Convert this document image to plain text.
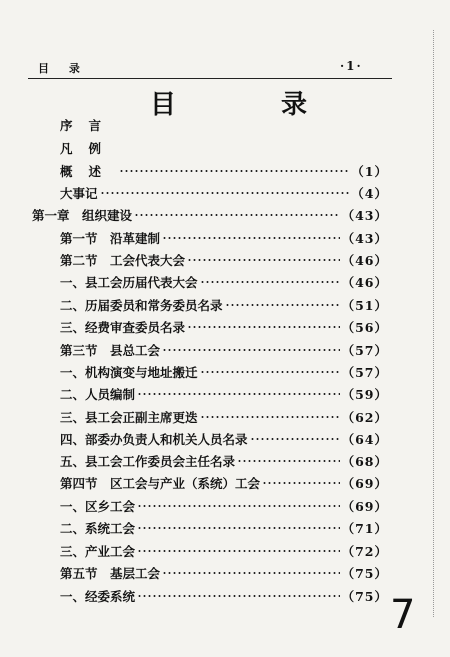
目 录	·1·
目 录
序言
凡例
概述	（1）
大事记	（4）
第一章　组织建设	（43）
第一节　沿革建制	（43）
第二节　工会代表大会	（46）
一、县工会历届代表大会	（46）
二、历届委员和常务委员名录	（51）
三、经费审查委员名录	（56）
第三节　县总工会	（57）
一、机构演变与地址搬迁	（57）
二、人员编制	（59）
三、县工会正副主席更迭	（62）
四、部委办负责人和机关人员名录	（64）
五、县工会工作委员会主任名录	（68）
第四节　区工会与产业（系统）工会	（69）
一、区乡工会	（69）
二、系统工会	（71）
三、产业工会	（72）
第五节　基层工会	（75）
一、经委系统	（75） 7
